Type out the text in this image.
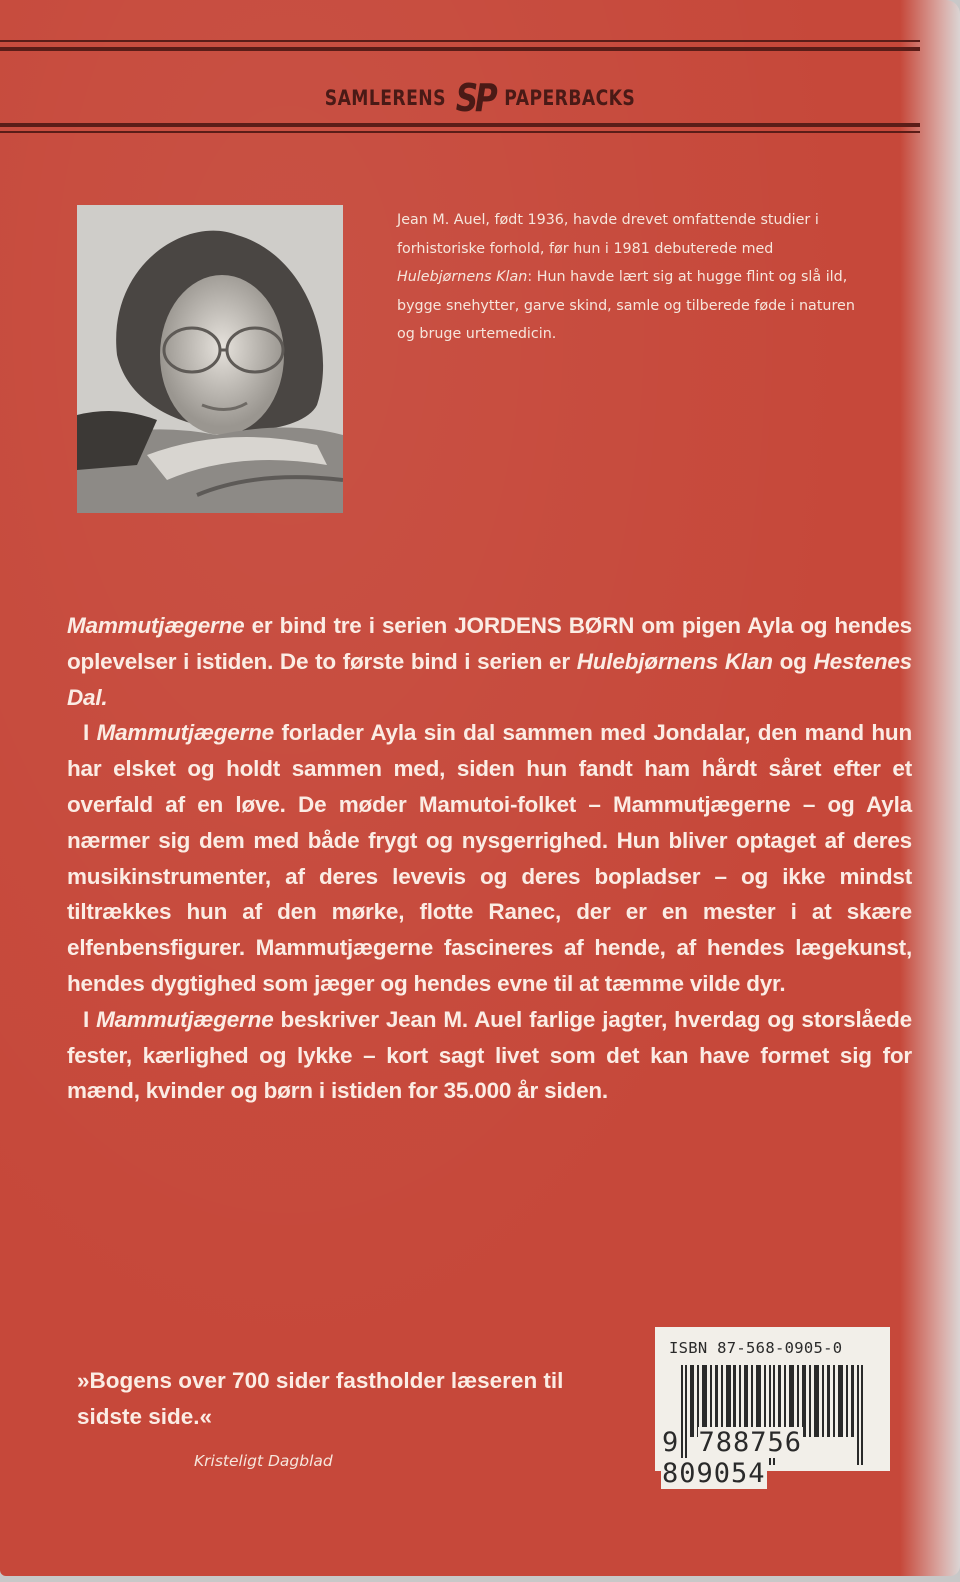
SAMLERENS SP PAPERBACKS
Jean M. Auel, født 1936, havde drevet omfattende studier i forhistoriske forhold, før hun i 1981 debuterede med Hulebjørnens Klan: Hun havde lært sig at hugge flint og slå ild, bygge snehytter, garve skind, samle og tilberede føde i naturen og bruge urtemedicin.

Mammutjægerne er bind tre i serien JORDENS BØRN om pigen Ayla og hendes oplevelser i istiden. De to første bind i serien er Hulebjørnens Klan og Hestenes Dal.

I Mammutjægerne forlader Ayla sin dal sammen med Jondalar, den mand hun har elsket og holdt sammen med, siden hun fandt ham hårdt såret efter et overfald af en løve. De møder Mamutoi-folket – Mammutjægerne – og Ayla nærmer sig dem med både frygt og nysgerrighed. Hun bliver optaget af deres musikinstrumenter, af deres levevis og deres bopladser – og ikke mindst tiltrækkes hun af den mørke, flotte Ranec, der er en mester i at skære elfenbensfigurer. Mammutjægerne fascineres af hende, af hendes lægekunst, hendes dygtighed som jæger og hendes evne til at tæmme vilde dyr.

I Mammutjægerne beskriver Jean M. Auel farlige jagter, hverdag og storslåede fester, kærlighed og lykke – kort sagt livet som det kan have formet sig for mænd, kvinder og børn i istiden for 35.000 år siden.

»Bogens over 700 sider fastholder læseren til sidste side.«
Kristeligt Dagblad
ISBN 87-568-0905-0
9 788756 809054
